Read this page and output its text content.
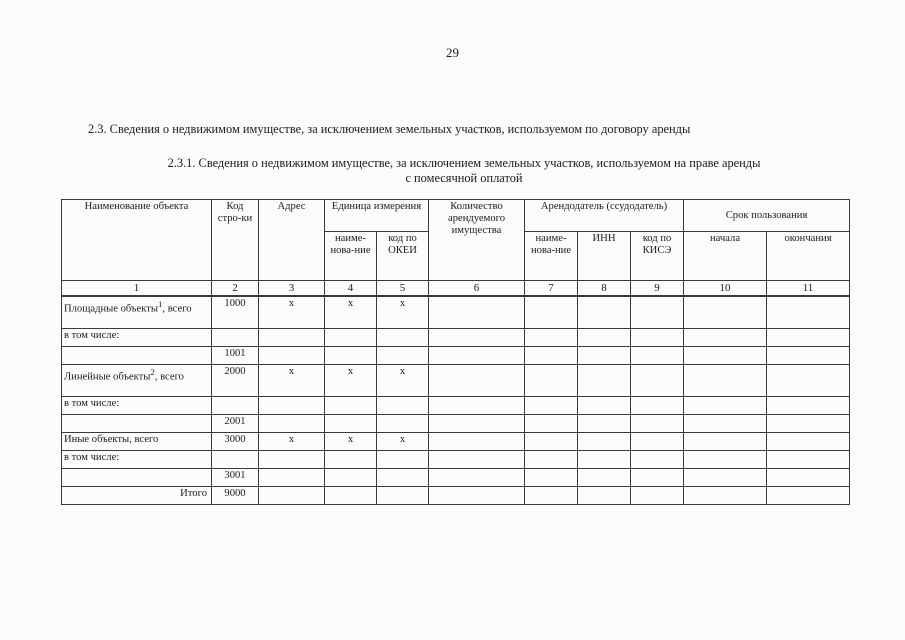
29
2.3. Сведения о недвижимом имуществе, за исключением земельных участков, используемом по договору аренды
2.3.1. Сведения о недвижимом имуществе, за исключением земельных участков, используемом на праве аренды
с помесячной оплатой
Наименование объекта	Код стро-ки	Адрес	Единица измерения		Количество арендуемого имущества	Арендодатель (ссудодатель)			Срок пользования	
			наиме-нова-ние	код по ОКЕИ		наиме-нова-ние	ИНН	код по КИСЭ	начала	окончания
1	2	3	4	5	6	7	8	9	10	11
Площадные объекты$^1$, всего	1000	x	x	x						
в том числе:										
	1001									
Линейные объекты$^2$, всего	2000	x	x	x						
в том числе:										
	2001									
Иные объекты, всего	3000	x	x	x						
в том числе:										
	3001									
Итого	9000									
